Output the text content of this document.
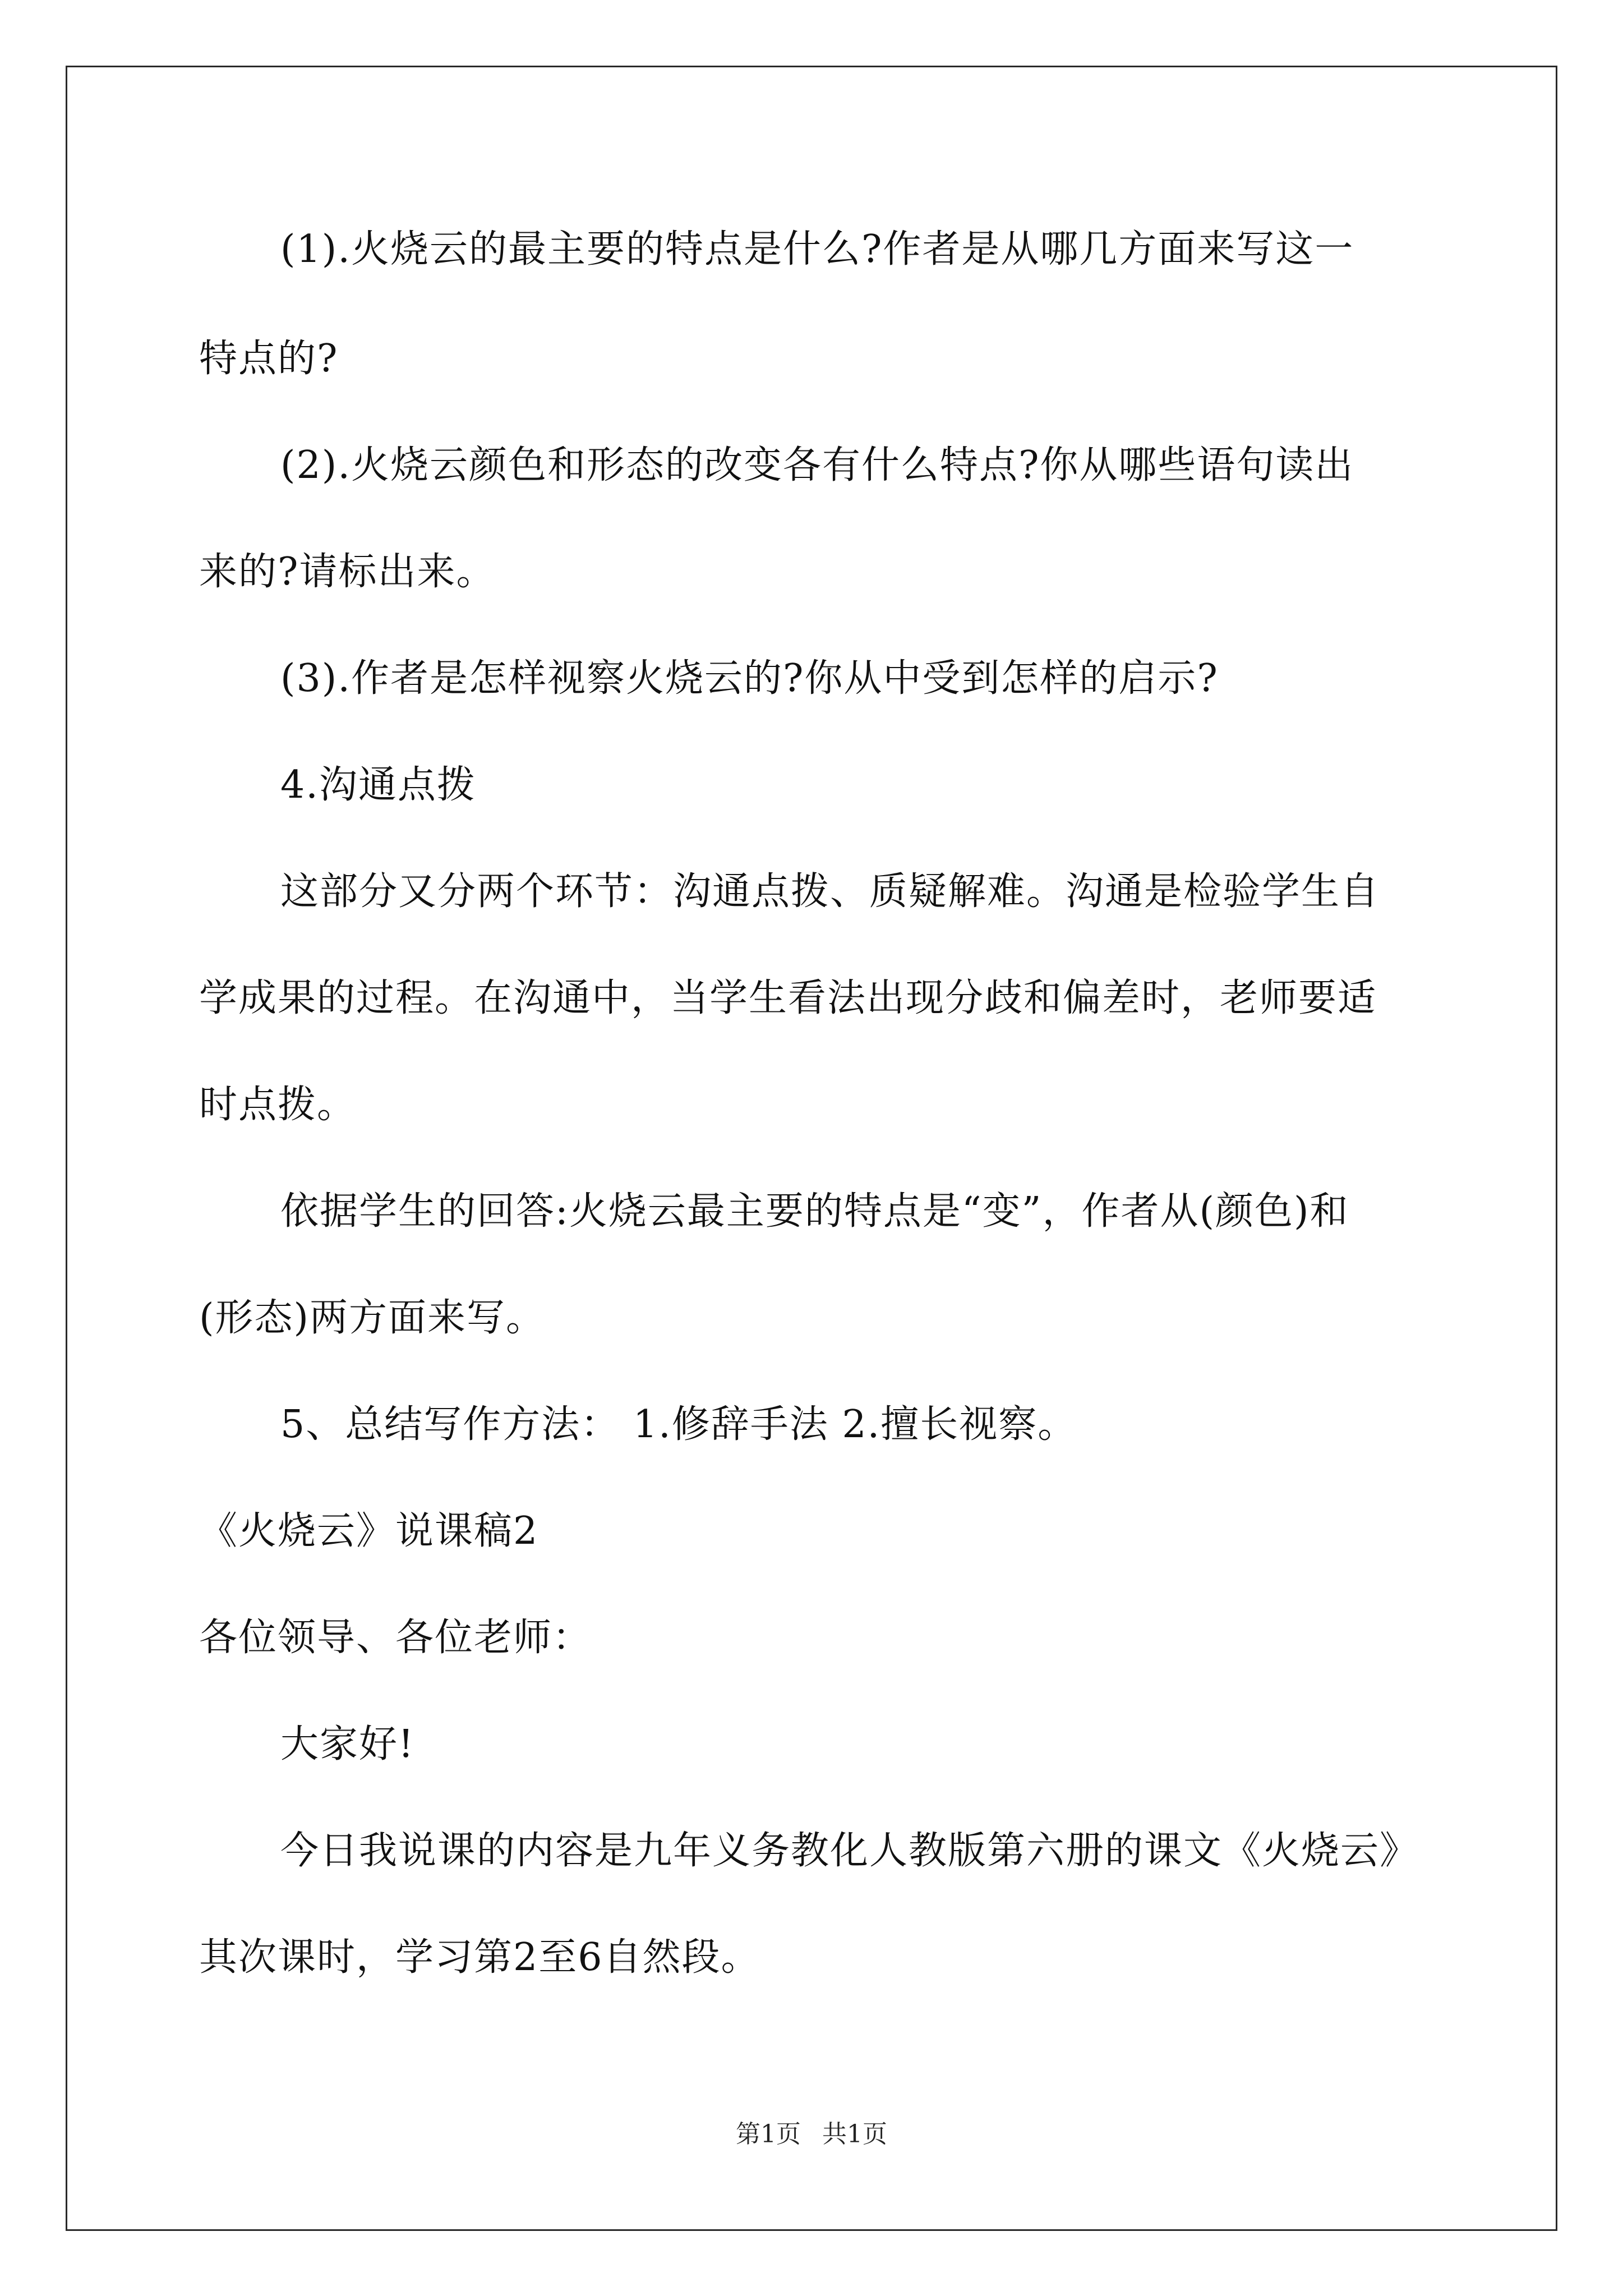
(1).火烧云的最主要的特点是什么?作者是从哪几方面来写这一
特点的?
(2).火烧云颜色和形态的改变各有什么特点?你从哪些语句读出
来的?请标出来。
(3).作者是怎样视察火烧云的?你从中受到怎样的启示?
4.沟通点拨
这部分又分两个环节：沟通点拨、质疑解难。沟通是检验学生自
学成果的过程。在沟通中，当学生看法出现分歧和偏差时，老师要适
时点拨。
依据学生的回答:火烧云最主要的特点是“变”，作者从(颜色)和
(形态)两方面来写。
5、总结写作方法： 1.修辞手法 2.擅长视察。
《火烧云》说课稿2
各位领导、各位老师：
大家好!
今日我说课的内容是九年义务教化人教版第六册的课文《火烧云》
其次课时，学习第2至6自然段。
第1页 共1页
